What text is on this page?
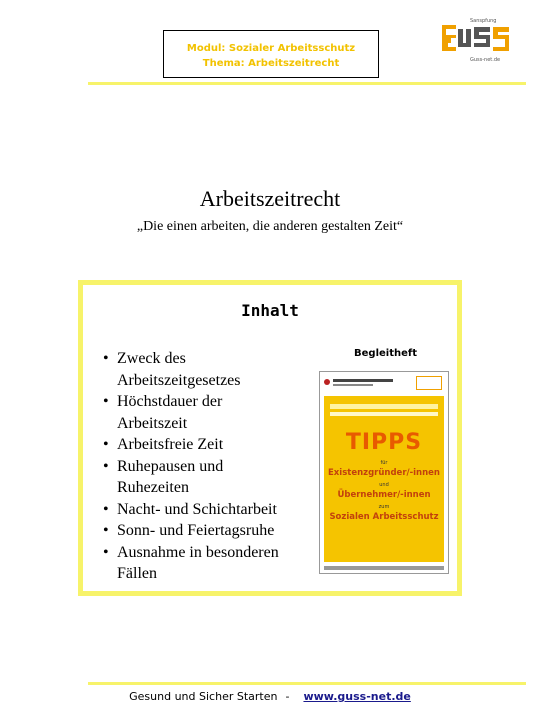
Modul: Sozialer Arbeitsschutz
Thema: Arbeitszeitrecht
Sanspfung
Guss-net.de
Arbeitszeitrecht
„Die einen arbeiten, die anderen gestalten Zeit“
Inhalt
• Zweck des
Arbeitszeitgesetzes
• Höchstdauer der
Arbeitszeit
• Arbeitsfreie Zeit
• Ruhepausen und
Ruhezeiten
• Nacht- und Schichtarbeit
• Sonn- und Feiertagsruhe
• Ausnahme in besonderen
Fällen
Begleitheft
TIPPS
für
Existenzgründer/-innen
und
Übernehmer/-innen
zum
Sozialen Arbeitsschutz
Gesund und Sicher Starten - www.guss-net.de
